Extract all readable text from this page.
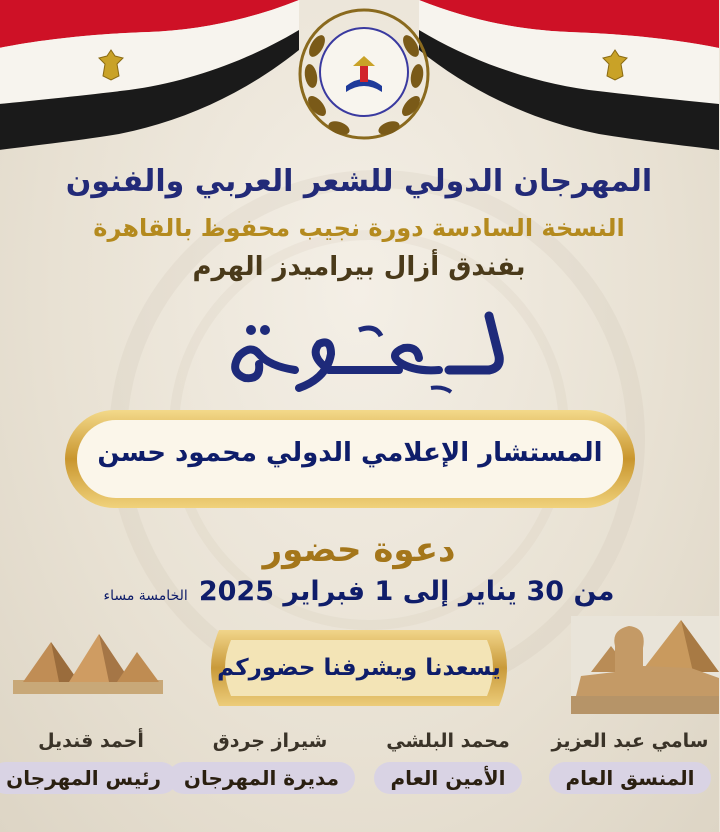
المهرجان الدولي للشعر العربي والفنون
النسخة السادسة دورة نجيب محفوظ بالقاهرة
بفندق أزال بيراميدز الهرم
المستشار الإعلامي الدولي محمود حسن
دعوة حضور
من 30 يناير إلى 1 فبراير 2025 الخامسة مساء
يسعدنا ويشرفنا حضوركم
سامي عبد العزيز
المنسق العام
محمد البلشي
الأمين العام
شيراز جردق
مديرة المهرجان
أحمد قنديل
رئيس المهرجان
